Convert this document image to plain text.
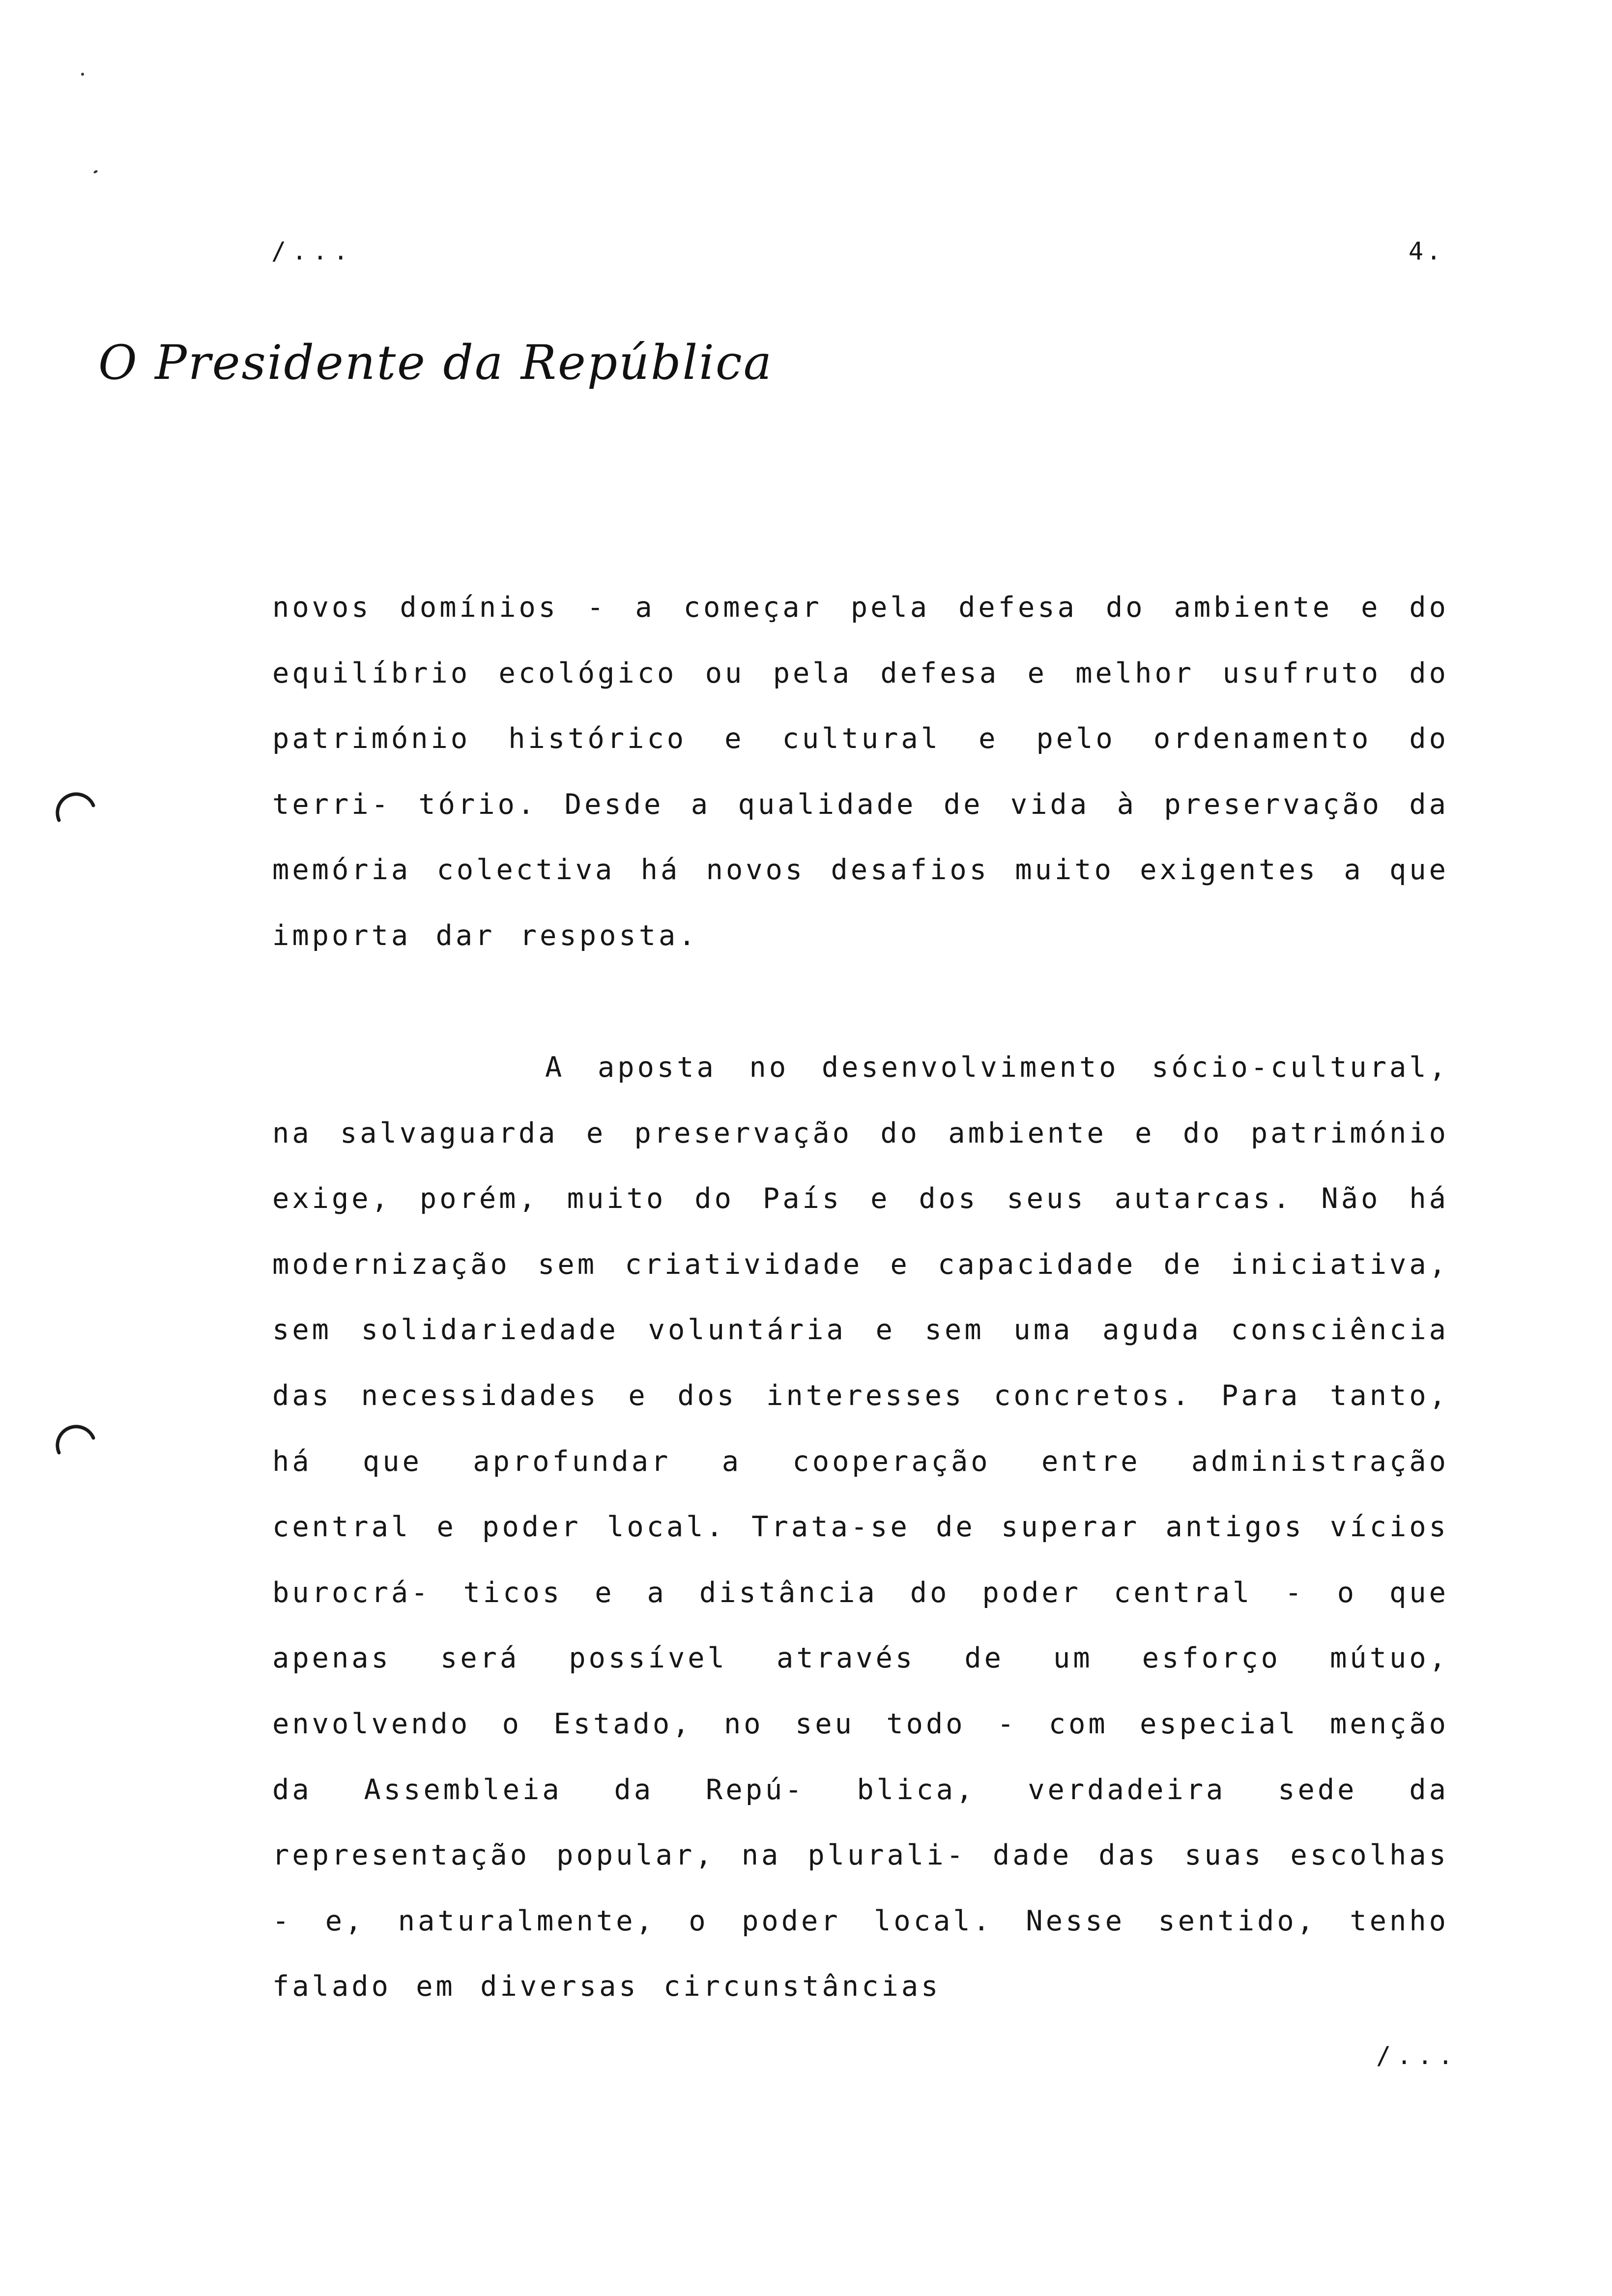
/...	4.
O Presidente da República

novos domínios - a começar pela defesa do ambiente e do equilíbrio ecológico ou pela defesa e melhor usufruto do património histórico e cultural e pelo ordenamento do terri- tório. Desde a qualidade de vida à preservação da memória colectiva há novos desafios muito exigentes a que importa dar resposta.

A aposta no desenvolvimento sócio-cultural, na salvaguarda e preservação do ambiente e do património exige, porém, muito do País e dos seus autarcas. Não há modernização sem criatividade e capacidade de iniciativa, sem solidariedade voluntária e sem uma aguda consciência das necessidades e dos interesses concretos. Para tanto, há que aprofundar a cooperação entre administração central e poder local. Trata-se de superar antigos vícios burocrá- ticos e a distância do poder central - o que apenas será possível através de um esforço mútuo, envolvendo o Estado, no seu todo - com especial menção da Assembleia da Repú- blica, verdadeira sede da representação popular, na plurali- dade das suas escolhas - e, naturalmente, o poder local. Nesse sentido, tenho falado em diversas circunstâncias

/...
